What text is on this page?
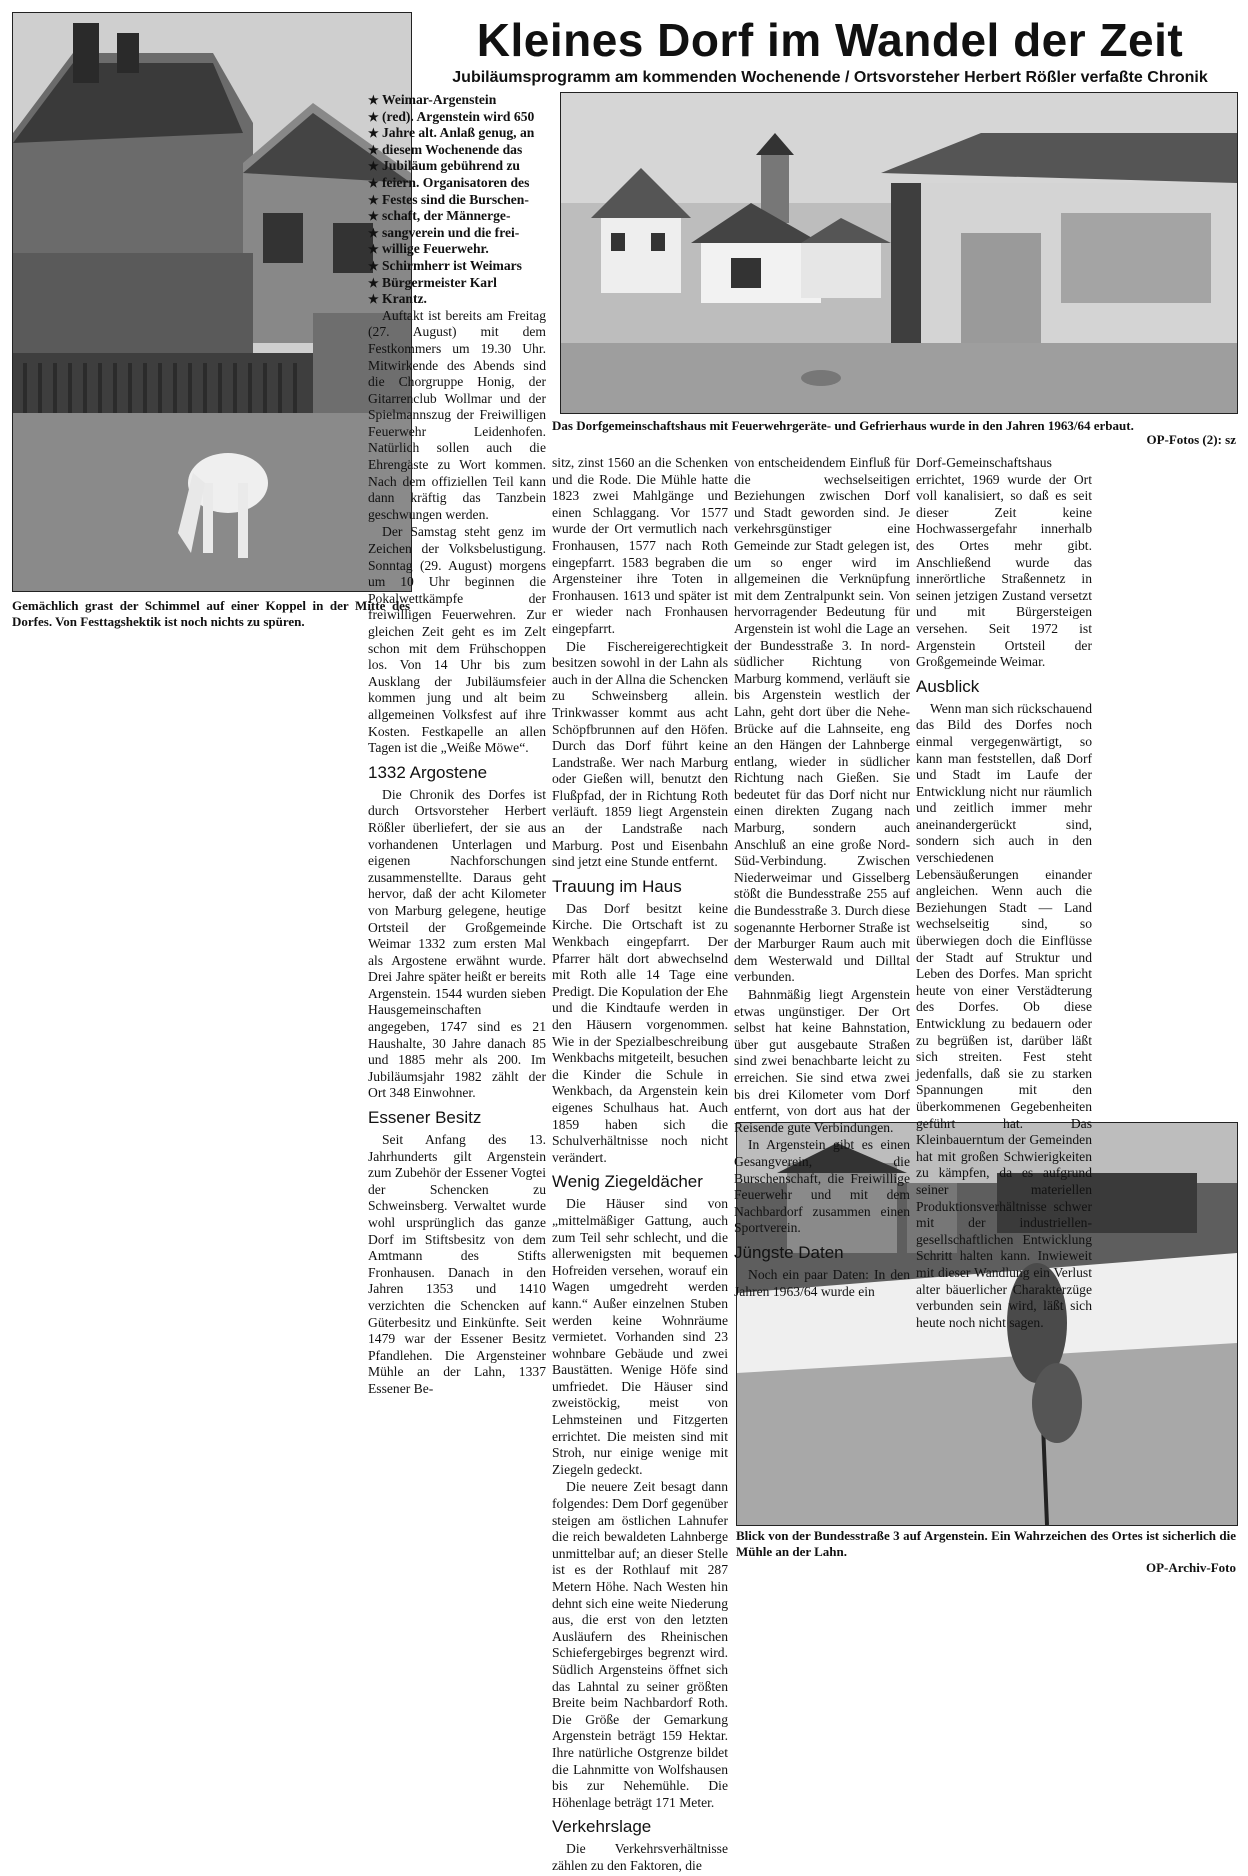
Kleines Dorf im Wandel der Zeit
Jubiläumsprogramm am kommenden Wochenende / Ortsvorsteher Herbert Rößler verfaßte Chronik
Gemächlich grast der Schimmel auf einer Koppel in der Mitte des Dorfes. Von Festtagshektik ist noch nichts zu spüren.
Das Dorfgemeinschaftshaus mit Feuerwehrgeräte- und Gefrierhaus wurde in den Jahren 1963/64 erbaut.
OP-Fotos (2): sz
Blick von der Bundesstraße 3 auf Argenstein. Ein Wahrzeichen des Ortes ist sicherlich die Mühle an der Lahn.
OP-Archiv-Foto
★ Weimar-Argenstein
★ (red). Argenstein wird 650
★ Jahre alt. Anlaß genug, an
★ diesem Wochenende das
★ Jubiläum gebührend zu
★ feiern. Organisatoren des
★ Festes sind die Burschen-
★ schaft, der Männerge-
★ sangverein und die frei-
★ willige Feuerwehr.
★ Schirmherr ist Weimars
★ Bürgermeister Karl
★ Krantz.

Auftakt ist bereits am Freitag (27. August) mit dem Festkommers um 19.30 Uhr. Mitwirkende des Abends sind die Chorgruppe Honig, der Gitarrenclub Wollmar und der Spielmannszug der Freiwilligen Feuerwehr Leidenhofen. Natürlich sollen auch die Ehrengäste zu Wort kommen. Nach dem offiziellen Teil kann dann kräftig das Tanzbein geschwungen werden.

Der Samstag steht genz im Zeichen der Volksbelustigung. Sonntag (29. August) morgens um 10 Uhr beginnen die Pokalwettkämpfe der freiwilligen Feuerwehren. Zur gleichen Zeit geht es im Zelt schon mit dem Frühschoppen los. Von 14 Uhr bis zum Ausklang der Jubiläumsfeier kommen jung und alt beim allgemeinen Volksfest auf ihre Kosten. Festkapelle an allen Tagen ist die „Weiße Möwe“.

1332 Argostene

Die Chronik des Dorfes ist durch Ortsvorsteher Herbert Rößler überliefert, der sie aus vorhandenen Unterlagen und eigenen Nachforschungen zusammenstellte. Daraus geht hervor, daß der acht Kilometer von Marburg gelegene, heutige Ortsteil der Großgemeinde Weimar 1332 zum ersten Mal als Argostene erwähnt wurde. Drei Jahre später heißt er bereits Argenstein. 1544 wurden sieben Hausgemeinschaften angegeben, 1747 sind es 21 Haushalte, 30 Jahre danach 85 und 1885 mehr als 200. Im Jubiläumsjahr 1982 zählt der Ort 348 Einwohner.

Essener Besitz

Seit Anfang des 13. Jahrhunderts gilt Argenstein zum Zubehör der Essener Vogtei der Schencken zu Schweinsberg. Verwaltet wurde wohl ursprünglich das ganze Dorf im Stiftsbesitz von dem Amtmann des Stifts Fronhausen. Danach in den Jahren 1353 und 1410 verzichten die Schencken auf Güterbesitz und Einkünfte. Seit 1479 war der Essener Besitz Pfandlehen. Die Argensteiner Mühle an der Lahn, 1337 Essener Be-

sitz, zinst 1560 an die Schenken und die Rode. Die Mühle hatte 1823 zwei Mahlgänge und einen Schlaggang. Vor 1577 wurde der Ort vermutlich nach Fronhausen, 1577 nach Roth eingepfarrt. 1583 begraben die Argensteiner ihre Toten in Fronhausen. 1613 und später ist er wieder nach Fronhausen eingepfarrt.

Die Fischereigerechtigkeit besitzen sowohl in der Lahn als auch in der Allna die Schencken zu Schweinsberg allein. Trinkwasser kommt aus acht Schöpfbrunnen auf den Höfen. Durch das Dorf führt keine Landstraße. Wer nach Marburg oder Gießen will, benutzt den Flußpfad, der in Richtung Roth verläuft. 1859 liegt Argenstein an der Landstraße nach Marburg. Post und Eisenbahn sind jetzt eine Stunde entfernt.

Trauung im Haus

Das Dorf besitzt keine Kirche. Die Ortschaft ist zu Wenkbach eingepfarrt. Der Pfarrer hält dort abwechselnd mit Roth alle 14 Tage eine Predigt. Die Kopulation der Ehe und die Kindtaufe werden in den Häusern vorgenommen. Wie in der Spezialbeschreibung Wenkbachs mitgeteilt, besuchen die Kinder die Schule in Wenkbach, da Argenstein kein eigenes Schulhaus hat. Auch 1859 haben sich die Schulverhältnisse noch nicht verändert.

Wenig Ziegeldächer

Die Häuser sind von „mittelmäßiger Gattung, auch zum Teil sehr schlecht, und die allerwenigsten mit bequemen Hofreiden versehen, worauf ein Wagen umgedreht werden kann.“ Außer einzelnen Stuben werden keine Wohnräume vermietet. Vorhanden sind 23 wohnbare Gebäude und zwei Baustätten. Wenige Höfe sind umfriedet. Die Häuser sind zweistöckig, meist von Lehmsteinen und Fitzgerten errichtet. Die meisten sind mit Stroh, nur einige wenige mit Ziegeln gedeckt.

Die neuere Zeit besagt dann folgendes: Dem Dorf gegenüber steigen am östlichen Lahnufer die reich bewaldeten Lahnberge unmittelbar auf; an dieser Stelle ist es der Rothlauf mit 287 Metern Höhe. Nach Westen hin dehnt sich eine weite Niederung aus, die erst von den letzten Ausläufern des Rheinischen Schiefergebirges begrenzt wird. Südlich Argensteins öffnet sich das Lahntal zu seiner größten Breite beim Nachbardorf Roth. Die Größe der Gemarkung Argenstein beträgt 159 Hektar. Ihre natürliche Ostgrenze bildet die Lahnmitte von Wolfshausen bis zur Nehemühle. Die Höhenlage beträgt 171 Meter.

Verkehrslage

Die Verkehrsverhältnisse zählen zu den Faktoren, die

von entscheidendem Einfluß für die wechselseitigen Beziehungen zwischen Dorf und Stadt geworden sind. Je verkehrsgünstiger eine Gemeinde zur Stadt gelegen ist, um so enger wird im allgemeinen die Verknüpfung mit dem Zentralpunkt sein. Von hervorragender Bedeutung für Argenstein ist wohl die Lage an der Bundesstraße 3. In nord-südlicher Richtung von Marburg kommend, verläuft sie bis Argenstein westlich der Lahn, geht dort über die Nehe-Brücke auf die Lahnseite, eng an den Hängen der Lahnberge entlang, wieder in südlicher Richtung nach Gießen. Sie bedeutet für das Dorf nicht nur einen direkten Zugang nach Marburg, sondern auch Anschluß an eine große Nord-Süd-Verbindung. Zwischen Niederweimar und Gisselberg stößt die Bundesstraße 255 auf die Bundesstraße 3. Durch diese sogenannte Herborner Straße ist der Marburger Raum auch mit dem Westerwald und Dilltal verbunden.

Bahnmäßig liegt Argenstein etwas ungünstiger. Der Ort selbst hat keine Bahnstation, über gut ausgebaute Straßen sind zwei benachbarte leicht zu erreichen. Sie sind etwa zwei bis drei Kilometer vom Dorf entfernt, von dort aus hat der Reisende gute Verbindungen.

In Argenstein gibt es einen Gesangverein, die Burschenschaft, die Freiwillige Feuerwehr und mit dem Nachbardorf zusammen einen Sportverein.

Jüngste Daten

Noch ein paar Daten: In den Jahren 1963/64 wurde ein

Dorf-Gemeinschaftshaus errichtet, 1969 wurde der Ort voll kanalisiert, so daß es seit dieser Zeit keine Hochwassergefahr innerhalb des Ortes mehr gibt. Anschließend wurde das innerörtliche Straßennetz in seinen jetzigen Zustand versetzt und mit Bürgersteigen versehen. Seit 1972 ist Argenstein Ortsteil der Großgemeinde Weimar.

Ausblick

Wenn man sich rückschauend das Bild des Dorfes noch einmal vergegenwärtigt, so kann man feststellen, daß Dorf und Stadt im Laufe der Entwicklung nicht nur räumlich und zeitlich immer mehr aneinandergerückt sind, sondern sich auch in den verschiedenen Lebensäußerungen einander angleichen. Wenn auch die Beziehungen Stadt — Land wechselseitig sind, so überwiegen doch die Einflüsse der Stadt auf Struktur und Leben des Dorfes. Man spricht heute von einer Verstädterung des Dorfes. Ob diese Entwicklung zu bedauern oder zu begrüßen ist, darüber läßt sich streiten. Fest steht jedenfalls, daß sie zu starken Spannungen mit den überkommenen Gegebenheiten geführt hat. Das Kleinbauerntum der Gemeinden hat mit großen Schwierigkeiten zu kämpfen, da es aufgrund seiner materiellen Produktionsverhältnisse schwer mit der industriellen-gesellschaftlichen Entwicklung Schritt halten kann. Inwieweit mit dieser Wandlung ein Verlust alter bäuerlicher Charakterzüge verbunden sein wird, läßt sich heute noch nicht sagen.
